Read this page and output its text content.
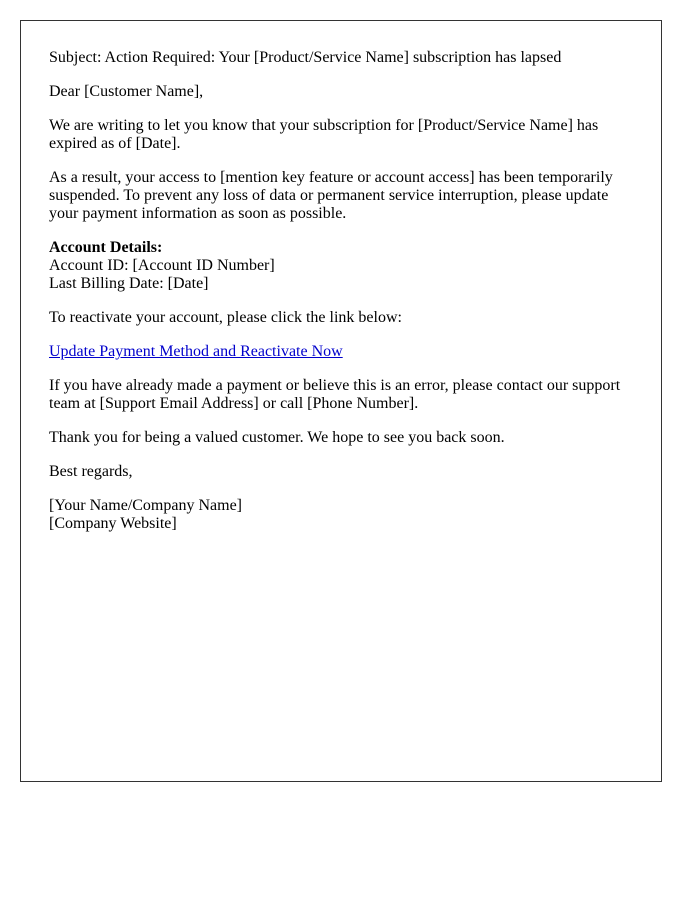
Subject: Action Required: Your [Product/Service Name] subscription has lapsed

Dear [Customer Name],

We are writing to let you know that your subscription for [Product/Service Name] has expired as of [Date].

As a result, your access to [mention key feature or account access] has been temporarily suspended. To prevent any loss of data or permanent service interruption, please update your payment information as soon as possible.

Account Details:
Account ID: [Account ID Number]
Last Billing Date: [Date]

To reactivate your account, please click the link below:

Update Payment Method and Reactivate Now

If you have already made a payment or believe this is an error, please contact our support team at [Support Email Address] or call [Phone Number].

Thank you for being a valued customer. We hope to see you back soon.

Best regards,

[Your Name/Company Name]
[Company Website]
